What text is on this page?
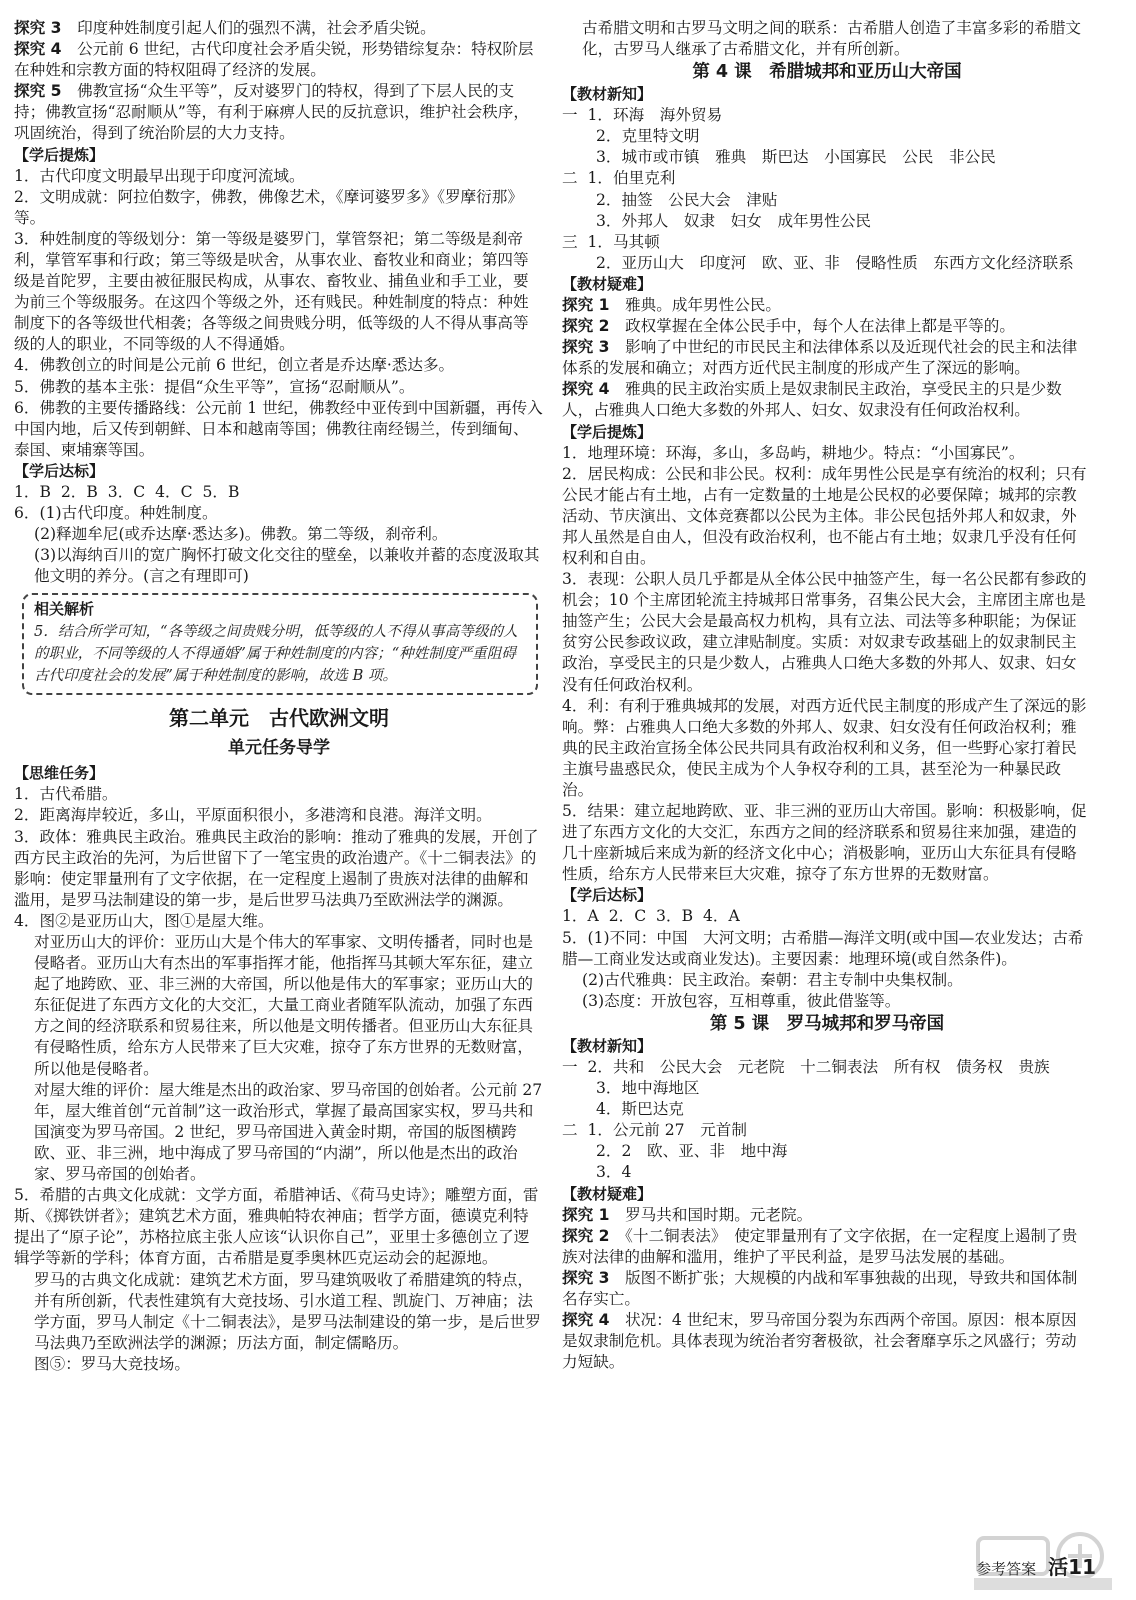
探究 3　印度种姓制度引起人们的强烈不满，社会矛盾尖锐。

探究 4　公元前 6 世纪，古代印度社会矛盾尖锐，形势错综复杂：特权阶层在种姓和宗教方面的特权阻碍了经济的发展。

探究 5　佛教宣扬“众生平等”，反对婆罗门的特权，得到了下层人民的支持；佛教宣扬“忍耐顺从”等，有利于麻痹人民的反抗意识，维护社会秩序，巩固统治，得到了统治阶层的大力支持。

【学后提炼】

1．古代印度文明最早出现于印度河流域。

2．文明成就：阿拉伯数字，佛教，佛像艺术，《摩诃婆罗多》《罗摩衍那》等。

3．种姓制度的等级划分：第一等级是婆罗门，掌管祭祀；第二等级是刹帝利，掌管军事和行政；第三等级是吠舍，从事农业、畜牧业和商业；第四等级是首陀罗，主要由被征服民构成，从事农、畜牧业、捕鱼业和手工业，要为前三个等级服务。在这四个等级之外，还有贱民。种姓制度的特点：种姓制度下的各等级世代相袭；各等级之间贵贱分明，低等级的人不得从事高等级的人的职业，不同等级的人不得通婚。

4．佛教创立的时间是公元前 6 世纪，创立者是乔达摩·悉达多。

5．佛教的基本主张：提倡“众生平等”，宣扬“忍耐顺从”。

6．佛教的主要传播路线：公元前 1 世纪，佛教经中亚传到中国新疆，再传入中国内地，后又传到朝鲜、日本和越南等国；佛教往南经锡兰，传到缅甸、泰国、柬埔寨等国。

【学后达标】

1．B  2．B  3．C  4．C  5．B

6．(1)古代印度。种姓制度。

(2)释迦牟尼(或乔达摩·悉达多)。佛教。第二等级，刹帝利。

(3)以海纳百川的宽广胸怀打破文化交往的壁垒，以兼收并蓄的态度汲取其他文明的养分。(言之有理即可)

相关解析

5．结合所学可知，“各等级之间贵贱分明，低等级的人不得从事高等级的人的职业，不同等级的人不得通婚”属于种姓制度的内容；“种姓制度严重阻碍古代印度社会的发展”属于种姓制度的影响，故选 B 项。

第二单元　古代欧洲文明
单元任务导学
【思维任务】

1．古代希腊。

2．距离海岸较近，多山，平原面积很小，多港湾和良港。海洋文明。

3．政体：雅典民主政治。雅典民主政治的影响：推动了雅典的发展，开创了西方民主政治的先河，为后世留下了一笔宝贵的政治遗产。《十二铜表法》的影响：使定罪量刑有了文字依据，在一定程度上遏制了贵族对法律的曲解和滥用，是罗马法制建设的第一步，是后世罗马法典乃至欧洲法学的渊源。

4．图②是亚历山大，图①是屋大维。

对亚历山大的评价：亚历山大是个伟大的军事家、文明传播者，同时也是侵略者。亚历山大有杰出的军事指挥才能，他指挥马其顿大军东征，建立起了地跨欧、亚、非三洲的大帝国，所以他是伟大的军事家；亚历山大的东征促进了东西方文化的大交汇，大量工商业者随军队流动，加强了东西方之间的经济联系和贸易往来，所以他是文明传播者。但亚历山大东征具有侵略性质，给东方人民带来了巨大灾难，掠夺了东方世界的无数财富，所以他是侵略者。

对屋大维的评价：屋大维是杰出的政治家、罗马帝国的创始者。公元前 27 年，屋大维首创“元首制”这一政治形式，掌握了最高国家实权，罗马共和国演变为罗马帝国。2 世纪，罗马帝国进入黄金时期，帝国的版图横跨欧、亚、非三洲，地中海成了罗马帝国的“内湖”，所以他是杰出的政治家、罗马帝国的创始者。

5．希腊的古典文化成就：文学方面，希腊神话、《荷马史诗》；雕塑方面，雷斯、《掷铁饼者》；建筑艺术方面，雅典帕特农神庙；哲学方面，德谟克利特提出了“原子论”，苏格拉底主张人应该“认识你自己”，亚里士多德创立了逻辑学等新的学科；体育方面，古希腊是夏季奥林匹克运动会的起源地。

罗马的古典文化成就：建筑艺术方面，罗马建筑吸收了希腊建筑的特点，并有所创新，代表性建筑有大竞技场、引水道工程、凯旋门、万神庙；法学方面，罗马人制定《十二铜表法》，是罗马法制建设的第一步，是后世罗马法典乃至欧洲法学的渊源；历法方面，制定儒略历。

图⑤：罗马大竞技场。

古希腊文明和古罗马文明之间的联系：古希腊人创造了丰富多彩的希腊文化，古罗马人继承了古希腊文化，并有所创新。

第 4 课　希腊城邦和亚历山大帝国
【教材新知】

一  1．环海　海外贸易

2．克里特文明

3．城市或市镇　雅典　斯巴达　小国寡民　公民　非公民

二  1．伯里克利

2．抽签　公民大会　津贴

3．外邦人　奴隶　妇女　成年男性公民

三  1．马其顿

2．亚历山大　印度河　欧、亚、非　侵略性质　东西方文化经济联系

【教材疑难】

探究 1　雅典。成年男性公民。

探究 2　政权掌握在全体公民手中，每个人在法律上都是平等的。

探究 3　影响了中世纪的市民民主和法律体系以及近现代社会的民主和法律体系的发展和确立；对西方近代民主制度的形成产生了深远的影响。

探究 4　雅典的民主政治实质上是奴隶制民主政治，享受民主的只是少数人，占雅典人口绝大多数的外邦人、妇女、奴隶没有任何政治权利。

【学后提炼】

1．地理环境：环海，多山，多岛屿，耕地少。特点：“小国寡民”。

2．居民构成：公民和非公民。权利：成年男性公民是享有统治的权利；只有公民才能占有土地，占有一定数量的土地是公民权的必要保障；城邦的宗教活动、节庆演出、文体竞赛都以公民为主体。非公民包括外邦人和奴隶，外邦人虽然是自由人，但没有政治权利，也不能占有土地；奴隶几乎没有任何权利和自由。

3．表现：公职人员几乎都是从全体公民中抽签产生，每一名公民都有参政的机会；10 个主席团轮流主持城邦日常事务，召集公民大会，主席团主席也是抽签产生；公民大会是最高权力机构，具有立法、司法等多种职能；为保证贫穷公民参政议政，建立津贴制度。实质：对奴隶专政基础上的奴隶制民主政治，享受民主的只是少数人，占雅典人口绝大多数的外邦人、奴隶、妇女没有任何政治权利。

4．利：有利于雅典城邦的发展，对西方近代民主制度的形成产生了深远的影响。弊：占雅典人口绝大多数的外邦人、奴隶、妇女没有任何政治权利；雅典的民主政治宣扬全体公民共同具有政治权利和义务，但一些野心家打着民主旗号蛊惑民众，使民主成为个人争权夺利的工具，甚至沦为一种暴民政治。

5．结果：建立起地跨欧、亚、非三洲的亚历山大帝国。影响：积极影响，促进了东西方文化的大交汇，东西方之间的经济联系和贸易往来加强，建造的几十座新城后来成为新的经济文化中心；消极影响，亚历山大东征具有侵略性质，给东方人民带来巨大灾难，掠夺了东方世界的无数财富。

【学后达标】

1．A  2．C  3．B  4．A

5．(1)不同：中国　大河文明；古希腊—海洋文明(或中国—农业发达；古希腊—工商业发达或商业发达)。主要因素：地理环境(或自然条件)。

(2)古代雅典：民主政治。秦朝：君主专制中央集权制。

(3)态度：开放包容，互相尊重，彼此借鉴等。

第 5 课　罗马城邦和罗马帝国
【教材新知】

一  2．共和　公民大会　元老院　十二铜表法　所有权　债务权　贵族

3．地中海地区

4．斯巴达克

二  1．公元前 27　元首制

2．2　欧、亚、非　地中海

3．4

【教材疑难】

探究 1　罗马共和国时期。元老院。

探究 2　《十二铜表法》　使定罪量刑有了文字依据，在一定程度上遏制了贵族对法律的曲解和滥用，维护了平民利益，是罗马法发展的基础。

探究 3　版图不断扩张；大规模的内战和军事独裁的出现，导致共和国体制名存实亡。

探究 4　状况：4 世纪末，罗马帝国分裂为东西两个帝国。原因：根本原因是奴隶制危机。具体表现为统治者穷奢极欲，社会奢靡享乐之风盛行；劳动力短缺。

参考答案 活11
